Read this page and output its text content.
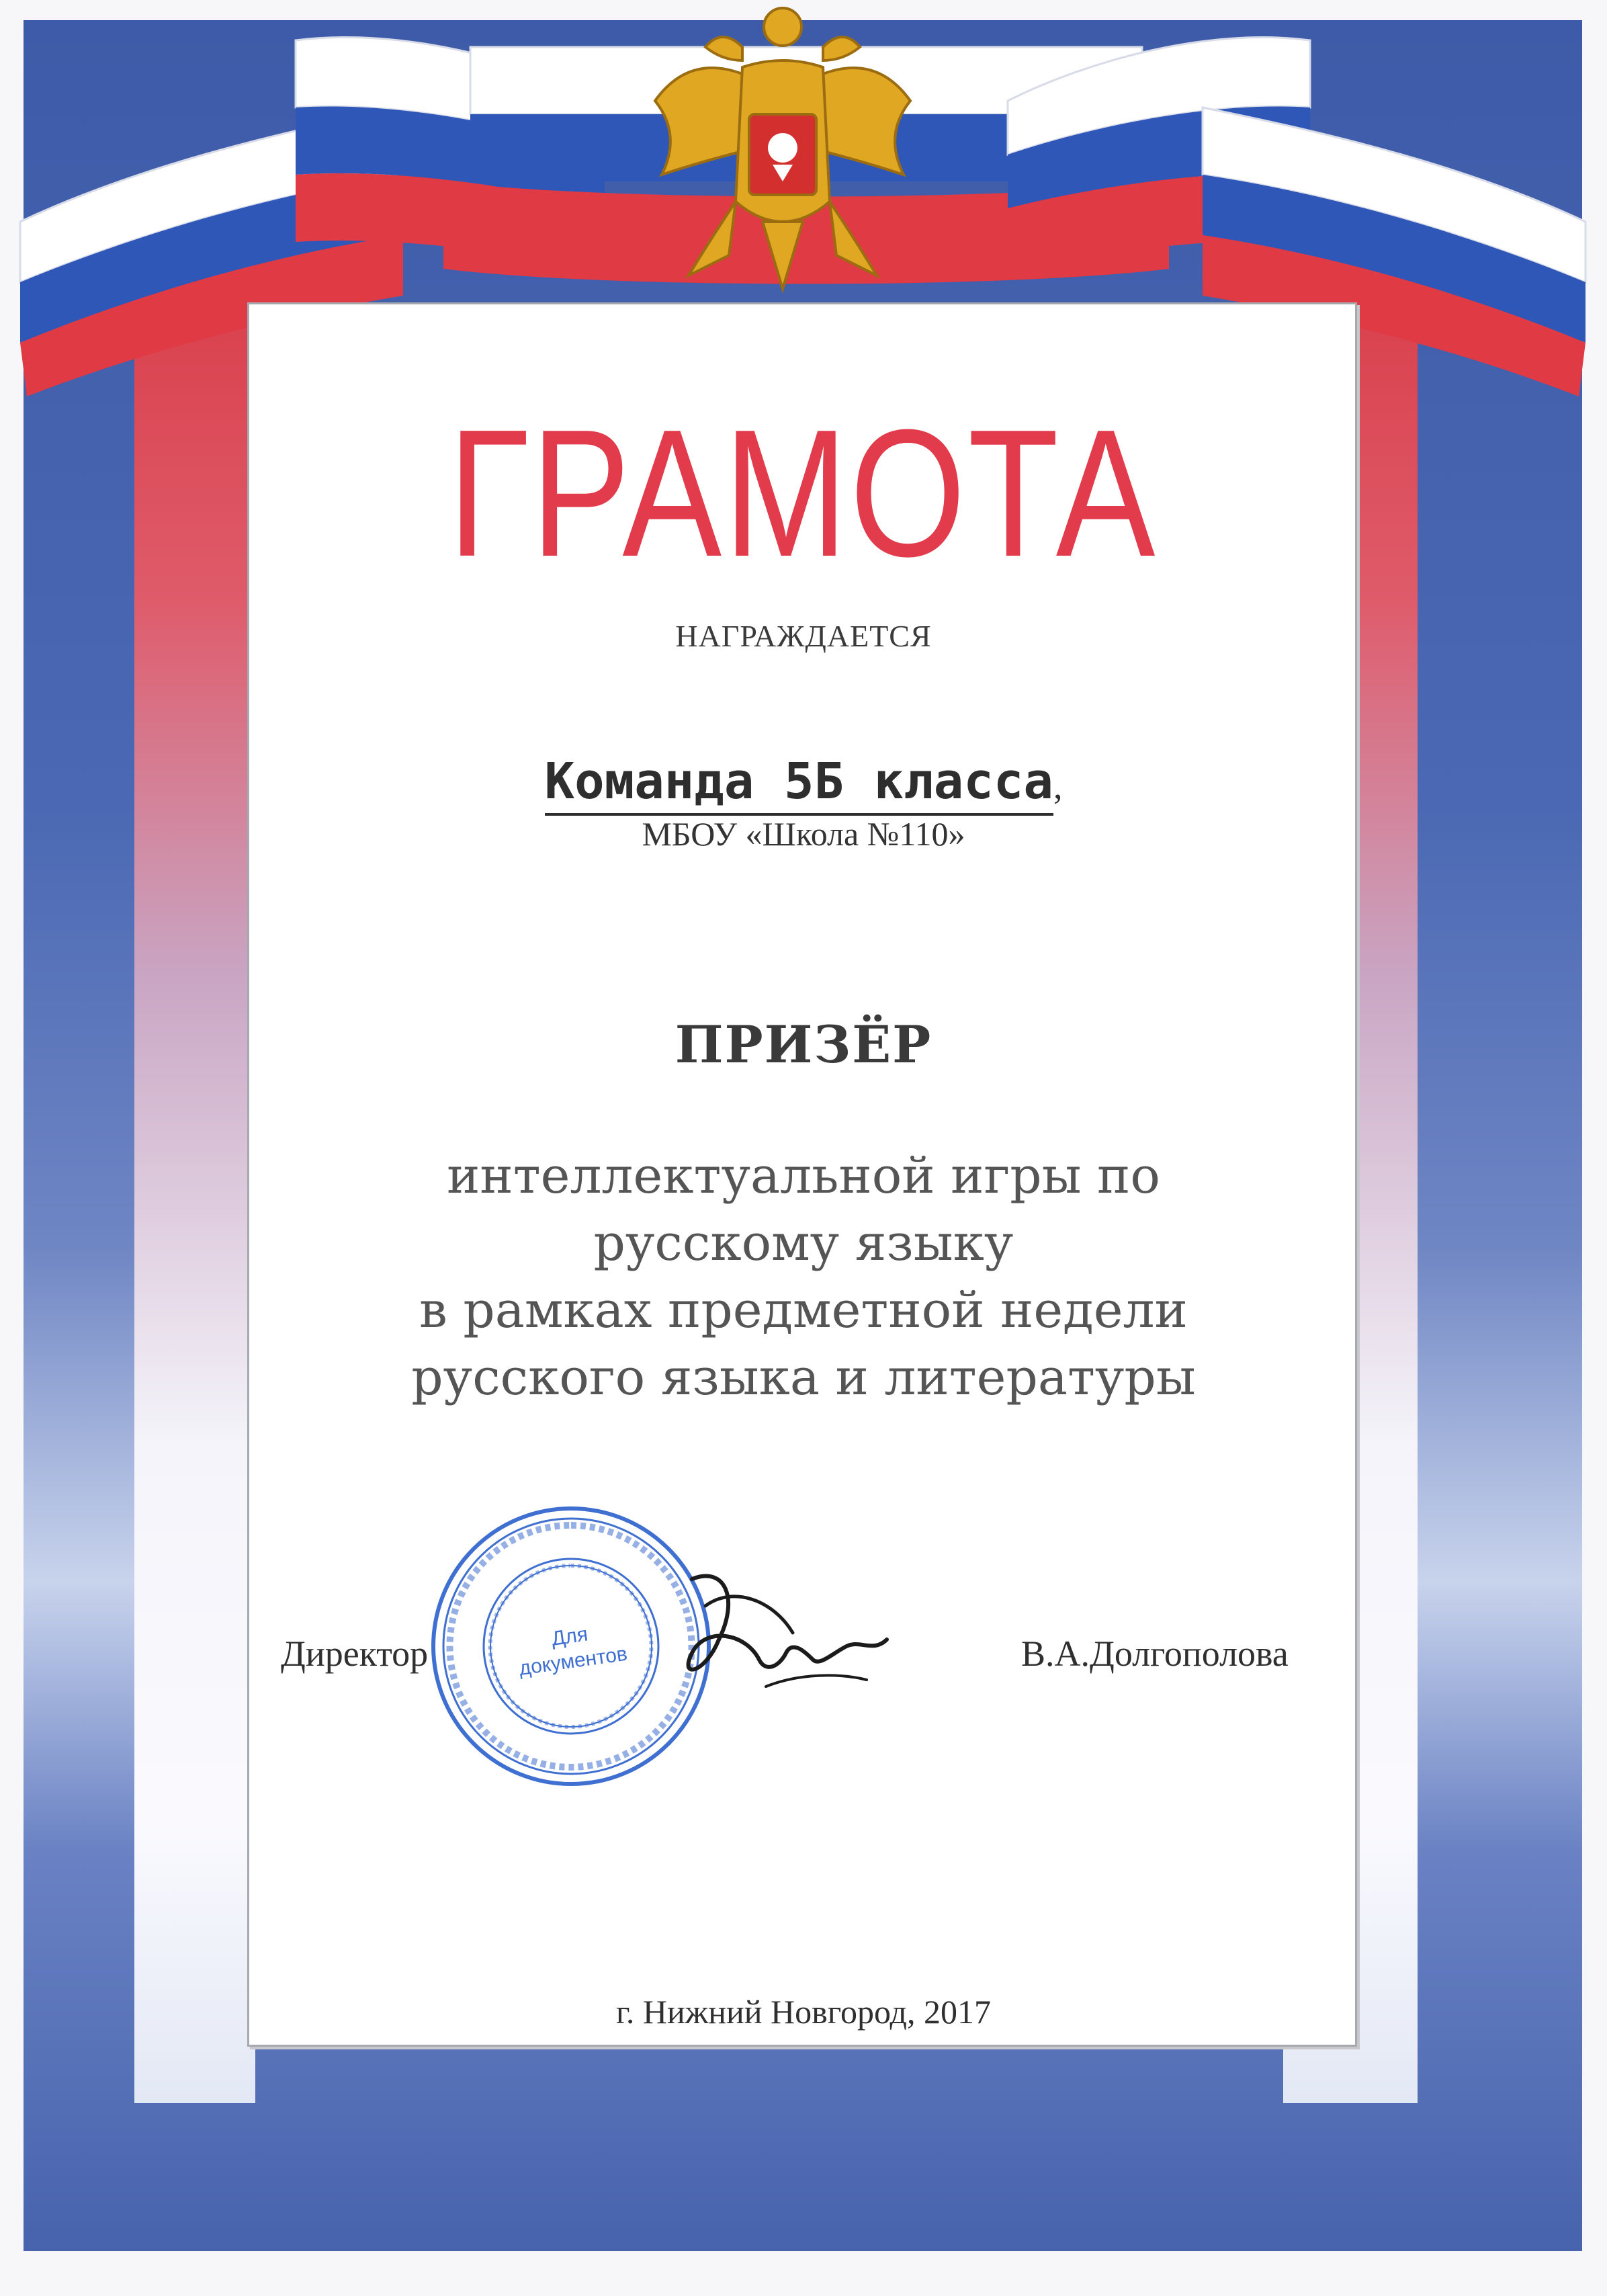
ГРАМОТА
НАГРАЖДАЕТСЯ
Команда 5Б класса,
МБОУ «Школа №110»
ПРИЗЁР
интеллектуальной игры по
русскому языку
в рамках предметной недели
русского языка и литературы
Директор	В.А.Долгополова
Для
документов
г. Нижний Новгород, 2017
